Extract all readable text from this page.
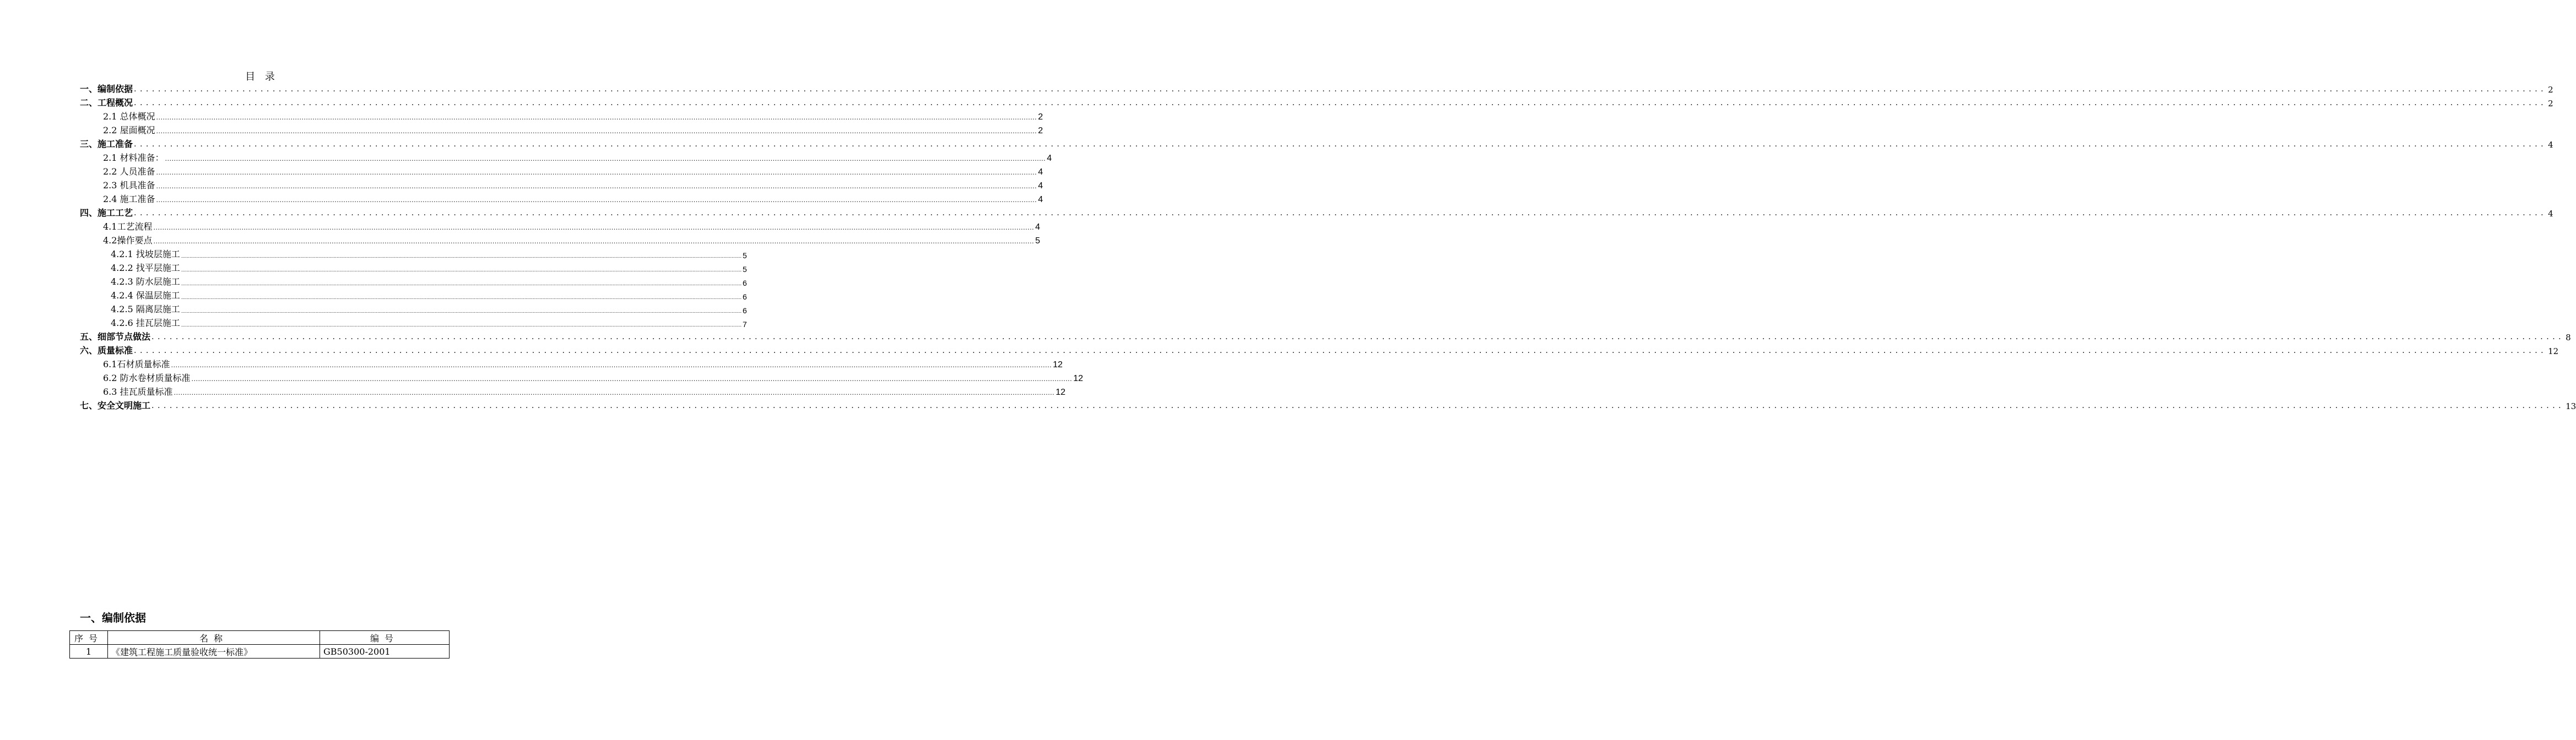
目 录
一、编制依据 ................................................................................................................................................................................................................................................................................................................................................................................................................ 2
二、工程概况 ................................................................................................................................................................................................................................................................................................................................................................................................................ 2
2.1 总体概况 ................................................................................................................................................................................................................................................................................................................................................................................................................ 2
2.2 屋面概况 ................................................................................................................................................................................................................................................................................................................................................................................................................ 2
三、施工准备 ................................................................................................................................................................................................................................................................................................................................................................................................................ 4
2.1 材料准备： ................................................................................................................................................................................................................................................................................................................................................................................................................ 4
2.2 人员准备 ................................................................................................................................................................................................................................................................................................................................................................................................................ 4
2.3 机具准备 ................................................................................................................................................................................................................................................................................................................................................................................................................ 4
2.4 施工准备 ................................................................................................................................................................................................................................................................................................................................................................................................................ 4
四、施工工艺 ................................................................................................................................................................................................................................................................................................................................................................................................................ 4
4.1工艺流程 ................................................................................................................................................................................................................................................................................................................................................................................................................ 4
4.2操作要点 ................................................................................................................................................................................................................................................................................................................................................................................................................ 5
4.2.1 找坡层施工 ................................................................................................................................................................................................................................................................................................................................................................................................................ 5
4.2.2 找平层施工 ................................................................................................................................................................................................................................................................................................................................................................................................................ 5
4.2.3 防水层施工 ................................................................................................................................................................................................................................................................................................................................................................................................................ 6
4.2.4 保温层施工 ................................................................................................................................................................................................................................................................................................................................................................................................................ 6
4.2.5 隔离层施工 ................................................................................................................................................................................................................................................................................................................................................................................................................ 6
4.2.6 挂瓦层施工 ................................................................................................................................................................................................................................................................................................................................................................................................................ 7
五、细部节点做法 ................................................................................................................................................................................................................................................................................................................................................................................................................ 8
六、质量标准 ................................................................................................................................................................................................................................................................................................................................................................................................................ 12
6.1石材质量标准 ................................................................................................................................................................................................................................................................................................................................................................................................................ 12
6.2 防水卷材质量标准 ................................................................................................................................................................................................................................................................................................................................................................................................................ 12
6.3 挂瓦质量标准 ................................................................................................................................................................................................................................................................................................................................................................................................................ 12
七、安全文明施工 ................................................................................................................................................................................................................................................................................................................................................................................................................ 13
一、编制依据
序号	名称	编号
1	《建筑工程施工质量验收统一标准》	GB50300-2001
